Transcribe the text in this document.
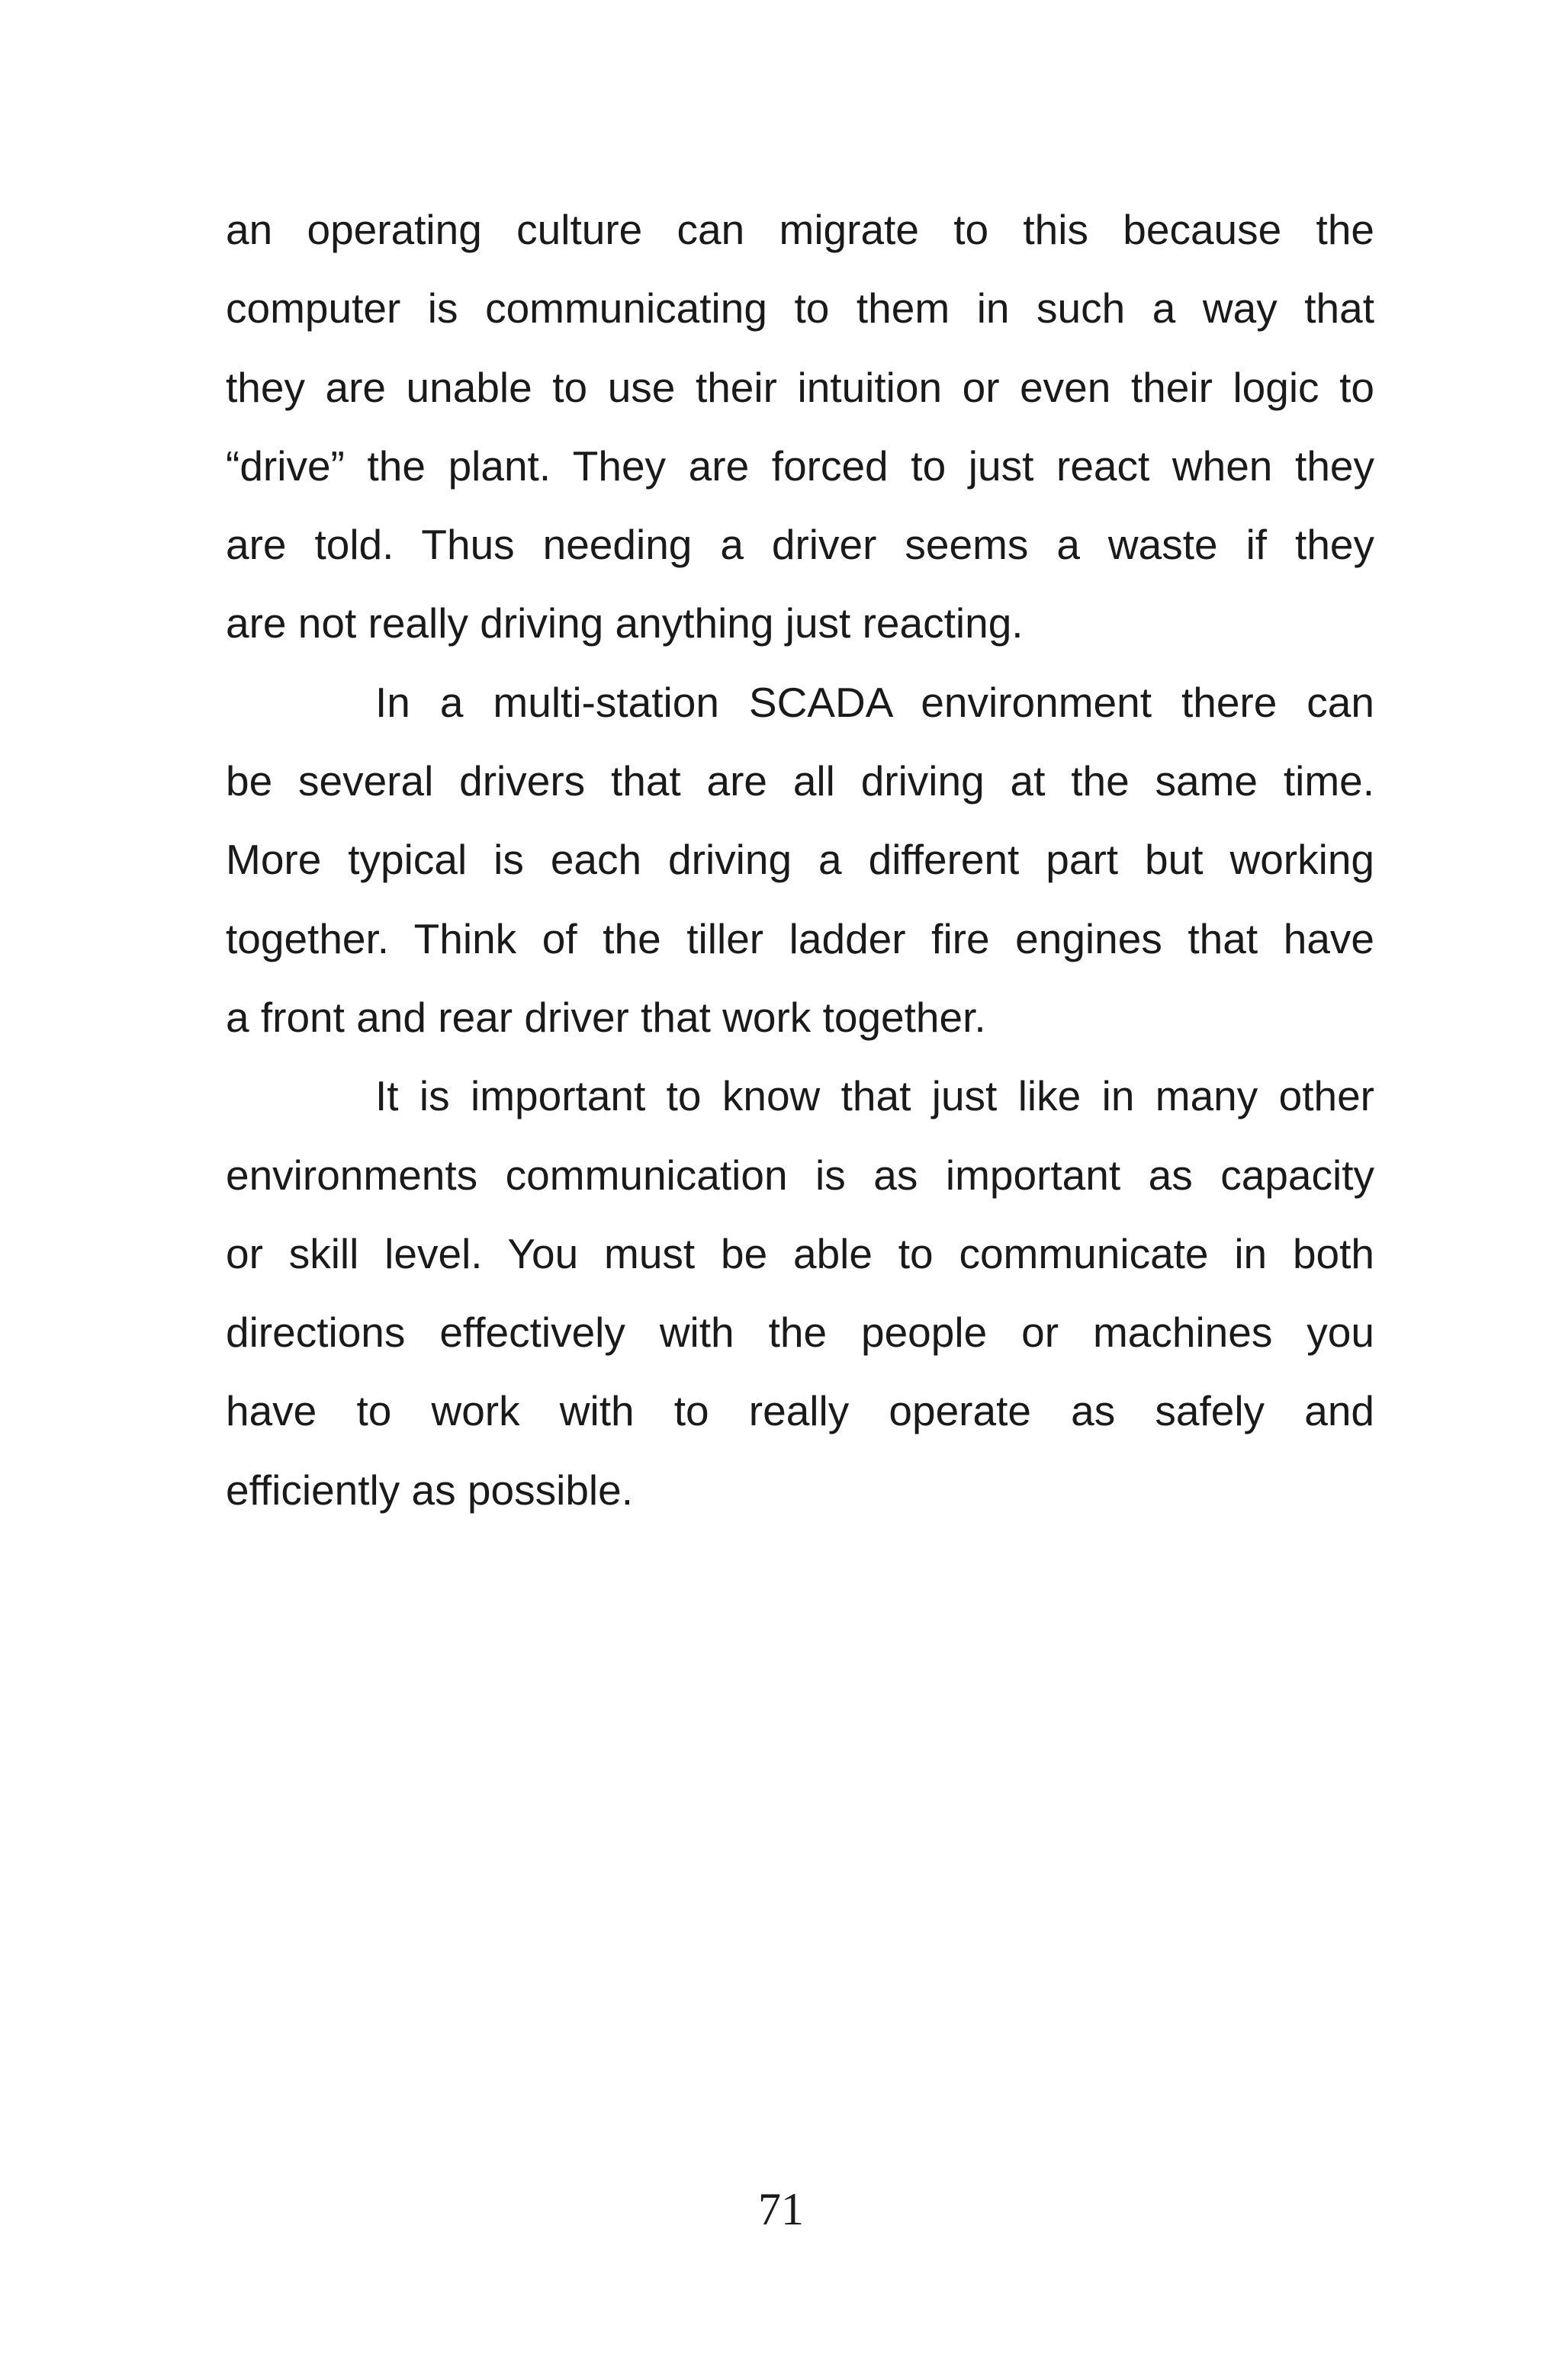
an operating culture can migrate to this because the
computer is communicating to them in such a way that
they are unable to use their intuition or even their logic to
“drive” the plant. They are forced to just react when they
are told. Thus needing a driver seems a waste if they
are not really driving anything just reacting.
In a multi-station SCADA environment there can
be several drivers that are all driving at the same time.
More typical is each driving a different part but working
together. Think of the tiller ladder fire engines that have
a front and rear driver that work together.
It is important to know that just like in many other
environments communication is as important as capacity
or skill level. You must be able to communicate in both
directions effectively with the people or machines you
have to work with to really operate as safely and
efficiently as possible.
71
